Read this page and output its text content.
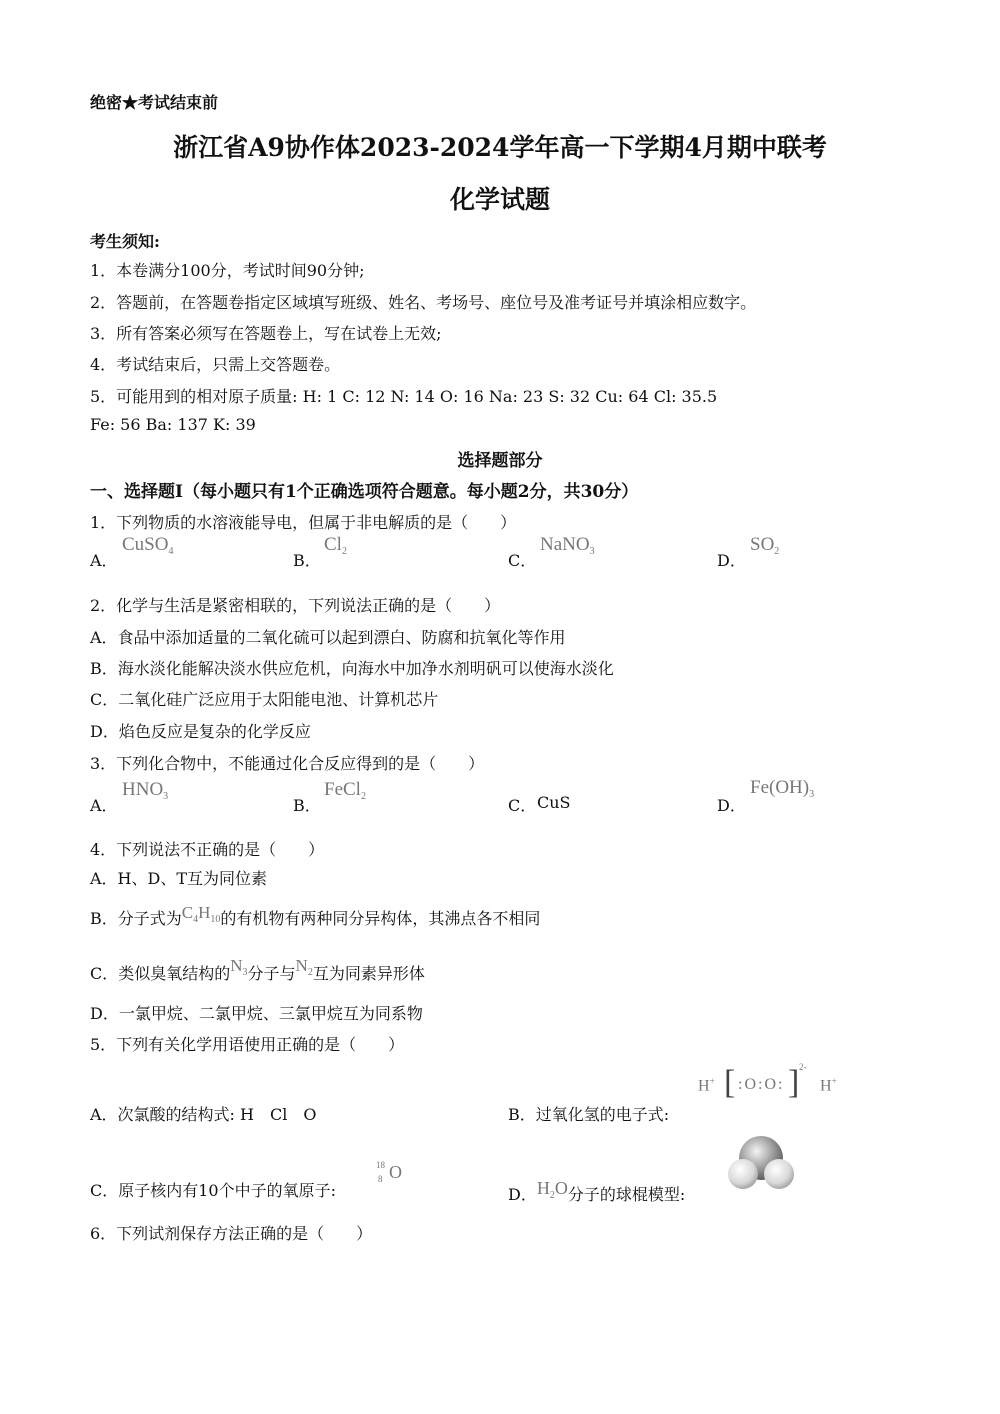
绝密★考试结束前
浙江省A9协作体2023-2024学年高一下学期4月期中联考
化学试题
考生须知:
1．本卷满分100分，考试时间90分钟;
2．答题前，在答题卷指定区域填写班级、姓名、考场号、座位号及准考证号并填涂相应数字。
3．所有答案必须写在答题卷上，写在试卷上无效;
4．考试结束后，只需上交答题卷。
5．可能用到的相对原子质量: H: 1 C: 12 N: 14 O: 16 Na: 23 S: 32 Cu: 64 Cl: 35.5
Fe: 56 Ba: 137 K: 39
选择题部分
一、选择题Ⅰ（每小题只有1个正确选项符合题意。每小题2分，共30分）
1．下列物质的水溶液能导电，但属于非电解质的是（　　）
A．
CuSO$_4$	B．
$Cl_2$	C．
NaNO$_3$	D．
$SO_2$
2．化学与生活是紧密相联的，下列说法正确的是（　　）
A．食品中添加适量的二氧化硫可以起到漂白、防腐和抗氧化等作用
B．海水淡化能解决淡水供应危机，向海水中加净水剂明矾可以使海水淡化
C．二氧化硅广泛应用于太阳能电池、计算机芯片
D．焰色反应是复杂的化学反应
3．下列化合物中，不能通过化合反应得到的是（　　）
A．
$HNO_3$	B．
FeCl$_2$	C． CuS	D．
$Fe(OH)_3$
4．下列说法不正确的是（　　）
A．H、D、T互为同位素
B．分子式为$C_4H_{10}$的有机物有两种同分异构体，其沸点各不相同
C．类似臭氧结构的$N_3$分子与$N_2$互为同素异形体
D．一氯甲烷、二氯甲烷、三氯甲烷互为同系物
5．下列有关化学用语使用正确的是（　　）
A．次氯酸的结构式: H　Cl　O	B．过氧化氢的电子式:
H+ [ :O:O: ] 2-
H+
C．原子核内有10个中子的氧原子:
18
8 O
D．$H_2O$分子的球棍模型:
6．下列试剂保存方法正确的是（　　）
